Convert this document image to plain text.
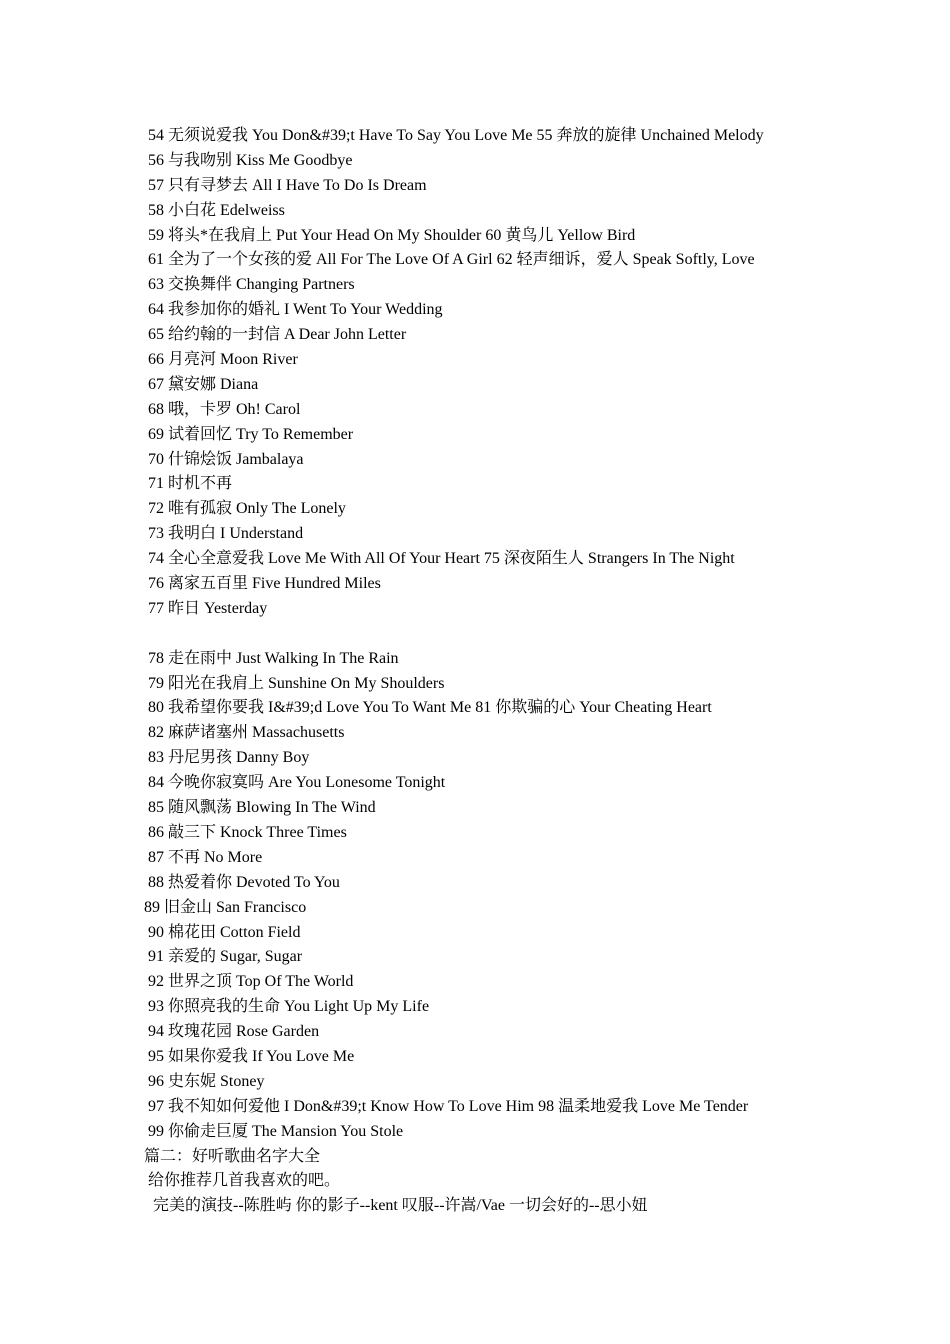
54 无须说爱我 You Don&#39;t Have To Say You Love Me 55 奔放的旋律 Unchained Melody
56 与我吻别 Kiss Me Goodbye
57 只有寻梦去 All I Have To Do Is Dream
58 小白花 Edelweiss
59 将头*在我肩上 Put Your Head On My Shoulder 60 黄鸟儿 Yellow Bird
61 全为了一个女孩的爱 All For The Love Of A Girl 62 轻声细诉，爱人 Speak Softly, Love
63 交换舞伴 Changing Partners
64 我参加你的婚礼 I Went To Your Wedding
65 给约翰的一封信 A Dear John Letter
66 月亮河 Moon River
67 黛安娜 Diana
68 哦，卡罗 Oh! Carol
69 试着回忆 Try To Remember
70 什锦烩饭 Jambalaya
71 时机不再
72 唯有孤寂 Only The Lonely
73 我明白 I Understand
74 全心全意爱我 Love Me With All Of Your Heart 75 深夜陌生人 Strangers In The Night
76 离家五百里 Five Hundred Miles
77 昨日 Yesterday
78 走在雨中 Just Walking In The Rain
79 阳光在我肩上 Sunshine On My Shoulders
80 我希望你要我 I&#39;d Love You To Want Me 81 你欺骗的心 Your Cheating Heart
82 麻萨诸塞州 Massachusetts
83 丹尼男孩 Danny Boy
84 今晚你寂寞吗 Are You Lonesome Tonight
85 随风飘荡 Blowing In The Wind
86 敲三下 Knock Three Times
87 不再 No More
88 热爱着你 Devoted To You
89 旧金山 San Francisco
90 棉花田 Cotton Field
91 亲爱的 Sugar, Sugar
92 世界之顶 Top Of The World
93 你照亮我的生命 You Light Up My Life
94 玫瑰花园 Rose Garden
95 如果你爱我 If You Love Me
96 史东妮 Stoney
97 我不知如何爱他 I Don&#39;t Know How To Love Him 98 温柔地爱我 Love Me Tender
99 你偷走巨厦 The Mansion You Stole
篇二：好听歌曲名字大全
给你推荐几首我喜欢的吧。
完美的演技--陈胜屿 你的影子--kent 叹服--许嵩/Vae 一切会好的--思小妞
